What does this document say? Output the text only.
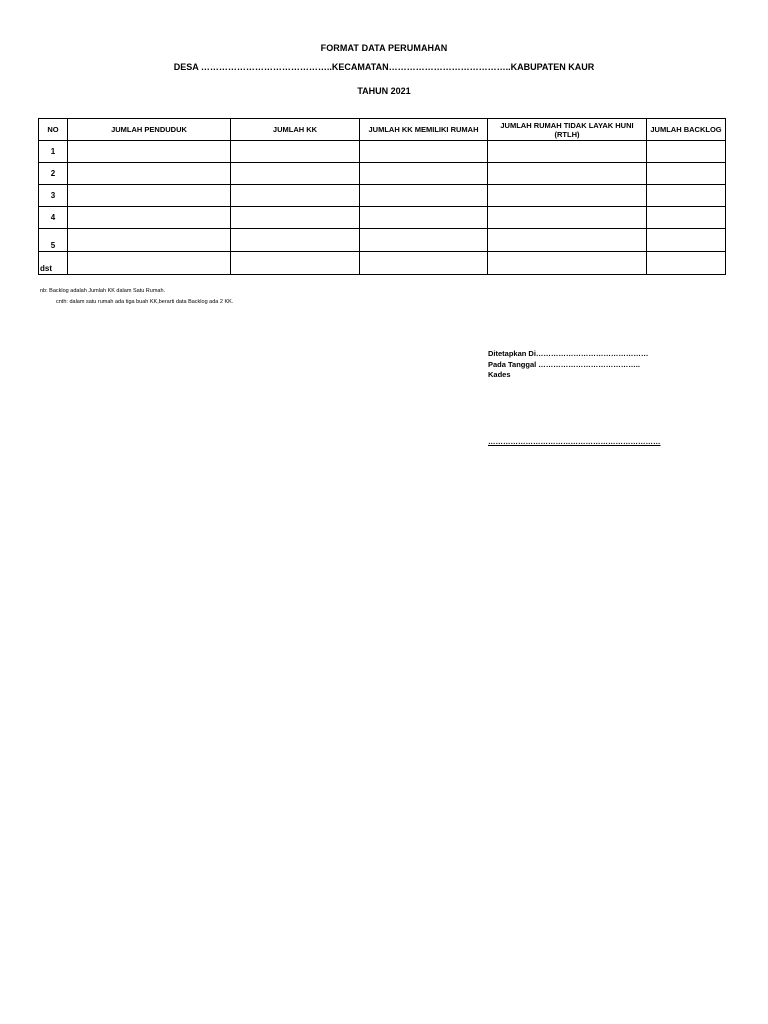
FORMAT DATA PERUMAHAN
DESA ……………………………………..KECAMATAN…………………………………..KABUPATEN KAUR
TAHUN 2021
NO	JUMLAH PENDUDUK	JUMLAH KK	JUMLAH KK MEMILIKI RUMAH	JUMLAH RUMAH TIDAK LAYAK HUNI (RTLH)	JUMLAH BACKLOG
1					
2					
3					
4					
5					
dst					
nb: Backlog adalah Jumlah KK dalam Satu Rumah.
cnth: dalam satu rumah ada tiga buah KK,berarti data Backlog ada 2 KK.
Ditetapkan Di………………………………………
Pada Tanggal …………………………………..
Kades
……………………………………………………………
